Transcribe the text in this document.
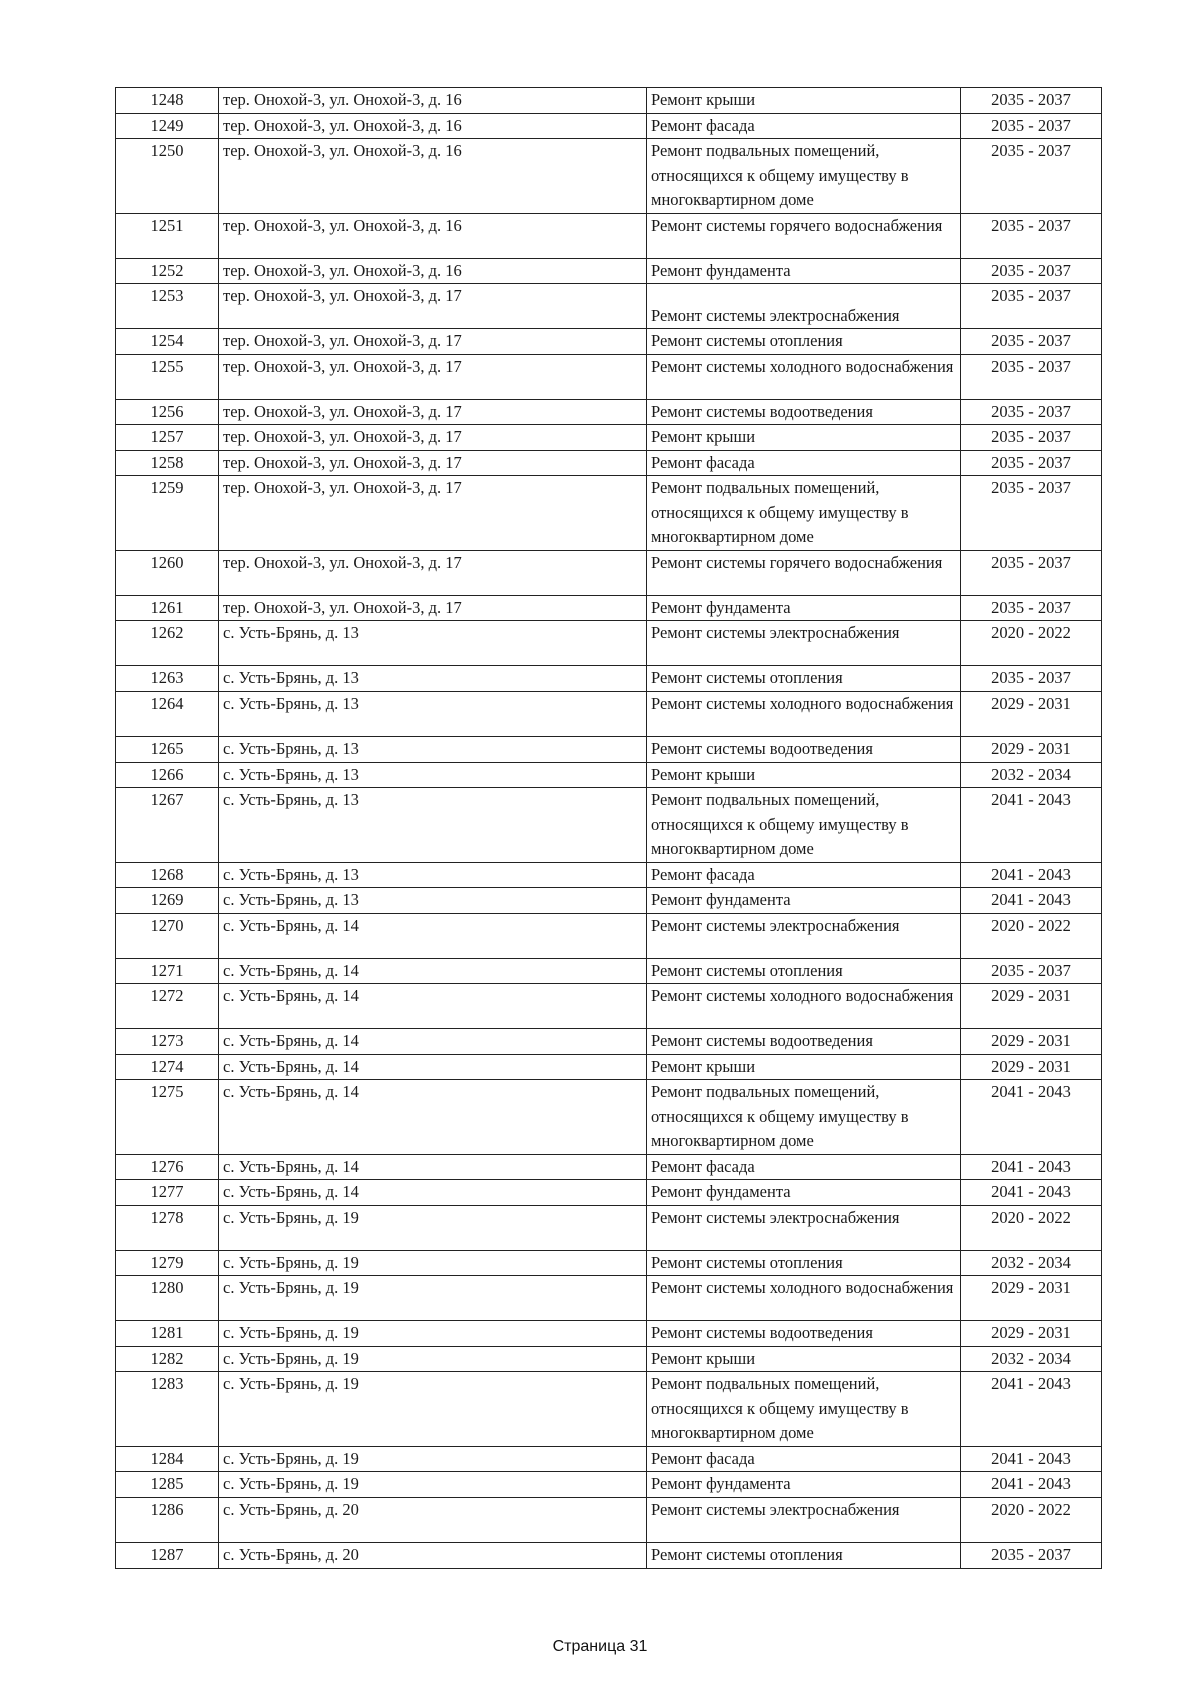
1248	тер. Онохой-3, ул. Онохой-3, д. 16	Ремонт крыши	2035 - 2037
1249	тер. Онохой-3, ул. Онохой-3, д. 16	Ремонт фасада	2035 - 2037
1250	тер. Онохой-3, ул. Онохой-3, д. 16	Ремонт подвальных помещений, относящихся к общему имуществу в многоквартирном доме	2035 - 2037
1251	тер. Онохой-3, ул. Онохой-3, д. 16	Ремонт системы горячего водоснабжения	2035 - 2037
1252	тер. Онохой-3, ул. Онохой-3, д. 16	Ремонт фундамента	2035 - 2037
1253	тер. Онохой-3, ул. Онохой-3, д. 17	Ремонт системы электроснабжения	2035 - 2037
1254	тер. Онохой-3, ул. Онохой-3, д. 17	Ремонт системы отопления	2035 - 2037
1255	тер. Онохой-3, ул. Онохой-3, д. 17	Ремонт системы холодного водоснабжения	2035 - 2037
1256	тер. Онохой-3, ул. Онохой-3, д. 17	Ремонт системы водоотведения	2035 - 2037
1257	тер. Онохой-3, ул. Онохой-3, д. 17	Ремонт крыши	2035 - 2037
1258	тер. Онохой-3, ул. Онохой-3, д. 17	Ремонт фасада	2035 - 2037
1259	тер. Онохой-3, ул. Онохой-3, д. 17	Ремонт подвальных помещений, относящихся к общему имуществу в многоквартирном доме	2035 - 2037
1260	тер. Онохой-3, ул. Онохой-3, д. 17	Ремонт системы горячего водоснабжения	2035 - 2037
1261	тер. Онохой-3, ул. Онохой-3, д. 17	Ремонт фундамента	2035 - 2037
1262	с. Усть-Брянь, д. 13	Ремонт системы электроснабжения	2020 - 2022
1263	с. Усть-Брянь, д. 13	Ремонт системы отопления	2035 - 2037
1264	с. Усть-Брянь, д. 13	Ремонт системы холодного водоснабжения	2029 - 2031
1265	с. Усть-Брянь, д. 13	Ремонт системы водоотведения	2029 - 2031
1266	с. Усть-Брянь, д. 13	Ремонт крыши	2032 - 2034
1267	с. Усть-Брянь, д. 13	Ремонт подвальных помещений, относящихся к общему имуществу в многоквартирном доме	2041 - 2043
1268	с. Усть-Брянь, д. 13	Ремонт фасада	2041 - 2043
1269	с. Усть-Брянь, д. 13	Ремонт фундамента	2041 - 2043
1270	с. Усть-Брянь, д. 14	Ремонт системы электроснабжения	2020 - 2022
1271	с. Усть-Брянь, д. 14	Ремонт системы отопления	2035 - 2037
1272	с. Усть-Брянь, д. 14	Ремонт системы холодного водоснабжения	2029 - 2031
1273	с. Усть-Брянь, д. 14	Ремонт системы водоотведения	2029 - 2031
1274	с. Усть-Брянь, д. 14	Ремонт крыши	2029 - 2031
1275	с. Усть-Брянь, д. 14	Ремонт подвальных помещений, относящихся к общему имуществу в многоквартирном доме	2041 - 2043
1276	с. Усть-Брянь, д. 14	Ремонт фасада	2041 - 2043
1277	с. Усть-Брянь, д. 14	Ремонт фундамента	2041 - 2043
1278	с. Усть-Брянь, д. 19	Ремонт системы электроснабжения	2020 - 2022
1279	с. Усть-Брянь, д. 19	Ремонт системы отопления	2032 - 2034
1280	с. Усть-Брянь, д. 19	Ремонт системы холодного водоснабжения	2029 - 2031
1281	с. Усть-Брянь, д. 19	Ремонт системы водоотведения	2029 - 2031
1282	с. Усть-Брянь, д. 19	Ремонт крыши	2032 - 2034
1283	с. Усть-Брянь, д. 19	Ремонт подвальных помещений, относящихся к общему имуществу в многоквартирном доме	2041 - 2043
1284	с. Усть-Брянь, д. 19	Ремонт фасада	2041 - 2043
1285	с. Усть-Брянь, д. 19	Ремонт фундамента	2041 - 2043
1286	с. Усть-Брянь, д. 20	Ремонт системы электроснабжения	2020 - 2022
1287	с. Усть-Брянь, д. 20	Ремонт системы отопления	2035 - 2037
Страница 31
